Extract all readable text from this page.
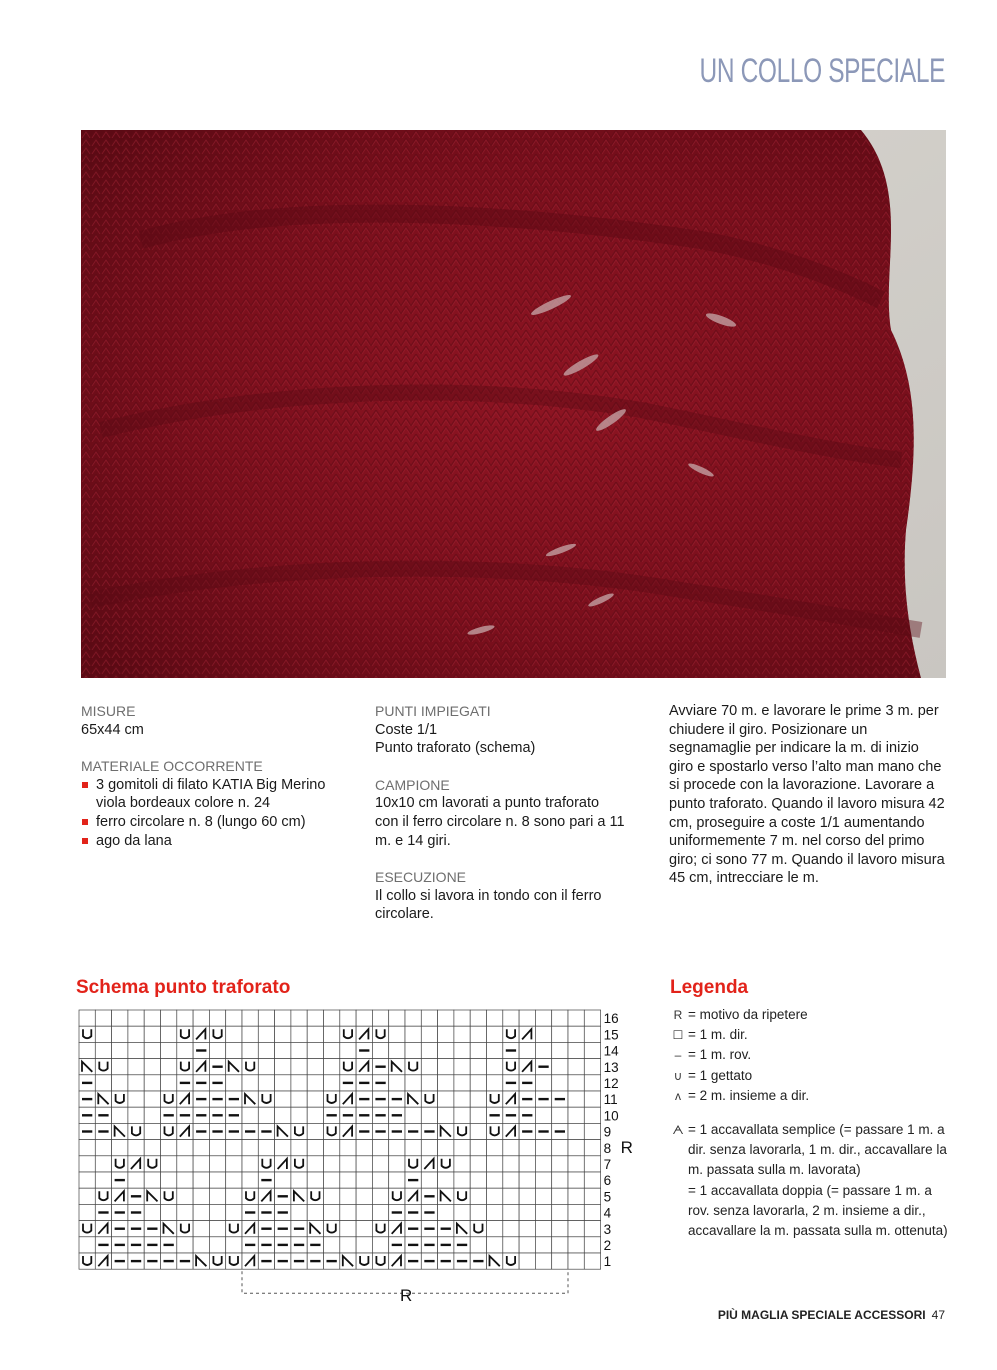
UN COLLO SPECIALE

MISURE

65x44 cm

MATERIALE OCCORRENTE

3 gomitoli di filato KATIA Big Merino viola bordeaux colore n. 24
ferro circolare n. 8 (lungo 60 cm)
ago da lana

PUNTI IMPIEGATI

Coste 1/1

Punto traforato (schema)

CAMPIONE

10x10 cm lavorati a punto traforato con il ferro circolare n. 8 sono pari a 11 m. e 14 giri.

ESECUZIONE

Il collo si lavora in tondo con il ferro circolare.

Avviare 70 m. e lavorare le prime 3 m. per chiudere il giro. Posizionare un segnamaglie per indicare la m. di inizio giro e spostarlo verso l’alto man mano che si procede con la lavorazione. Lavorare a punto traforato. Quando il lavoro misura 42 cm, proseguire a coste 1/1 aumentando uniformemente 7 m. nel corso del primo giro; ci sono 77 m. Quando il lavoro misura 45 cm, intrecciare le m.

Schema punto traforato
1
2
3
4
5
6
7
8
9
10
11
12
13
14
15
16
R
R
Legenda
R = motivo da ripetere
☐ = 1 m. dir.
– = 1 m. rov.
∪ = 1 gettato
ʌ = 2 m. insieme a dir.
ᗅ = 1 accavallata semplice (= passare 1 m. a dir. senza lavorarla, 1 m. dir., accavallare la m. passata sulla m. lavorata)
= 1 accavallata doppia (= passare 1 m. a rov. senza lavorarla, 2 m. insieme a dir., accavallare la m. passata sulla m. ottenuta)
PIÙ MAGLIA SPECIALE ACCESSORI 47
